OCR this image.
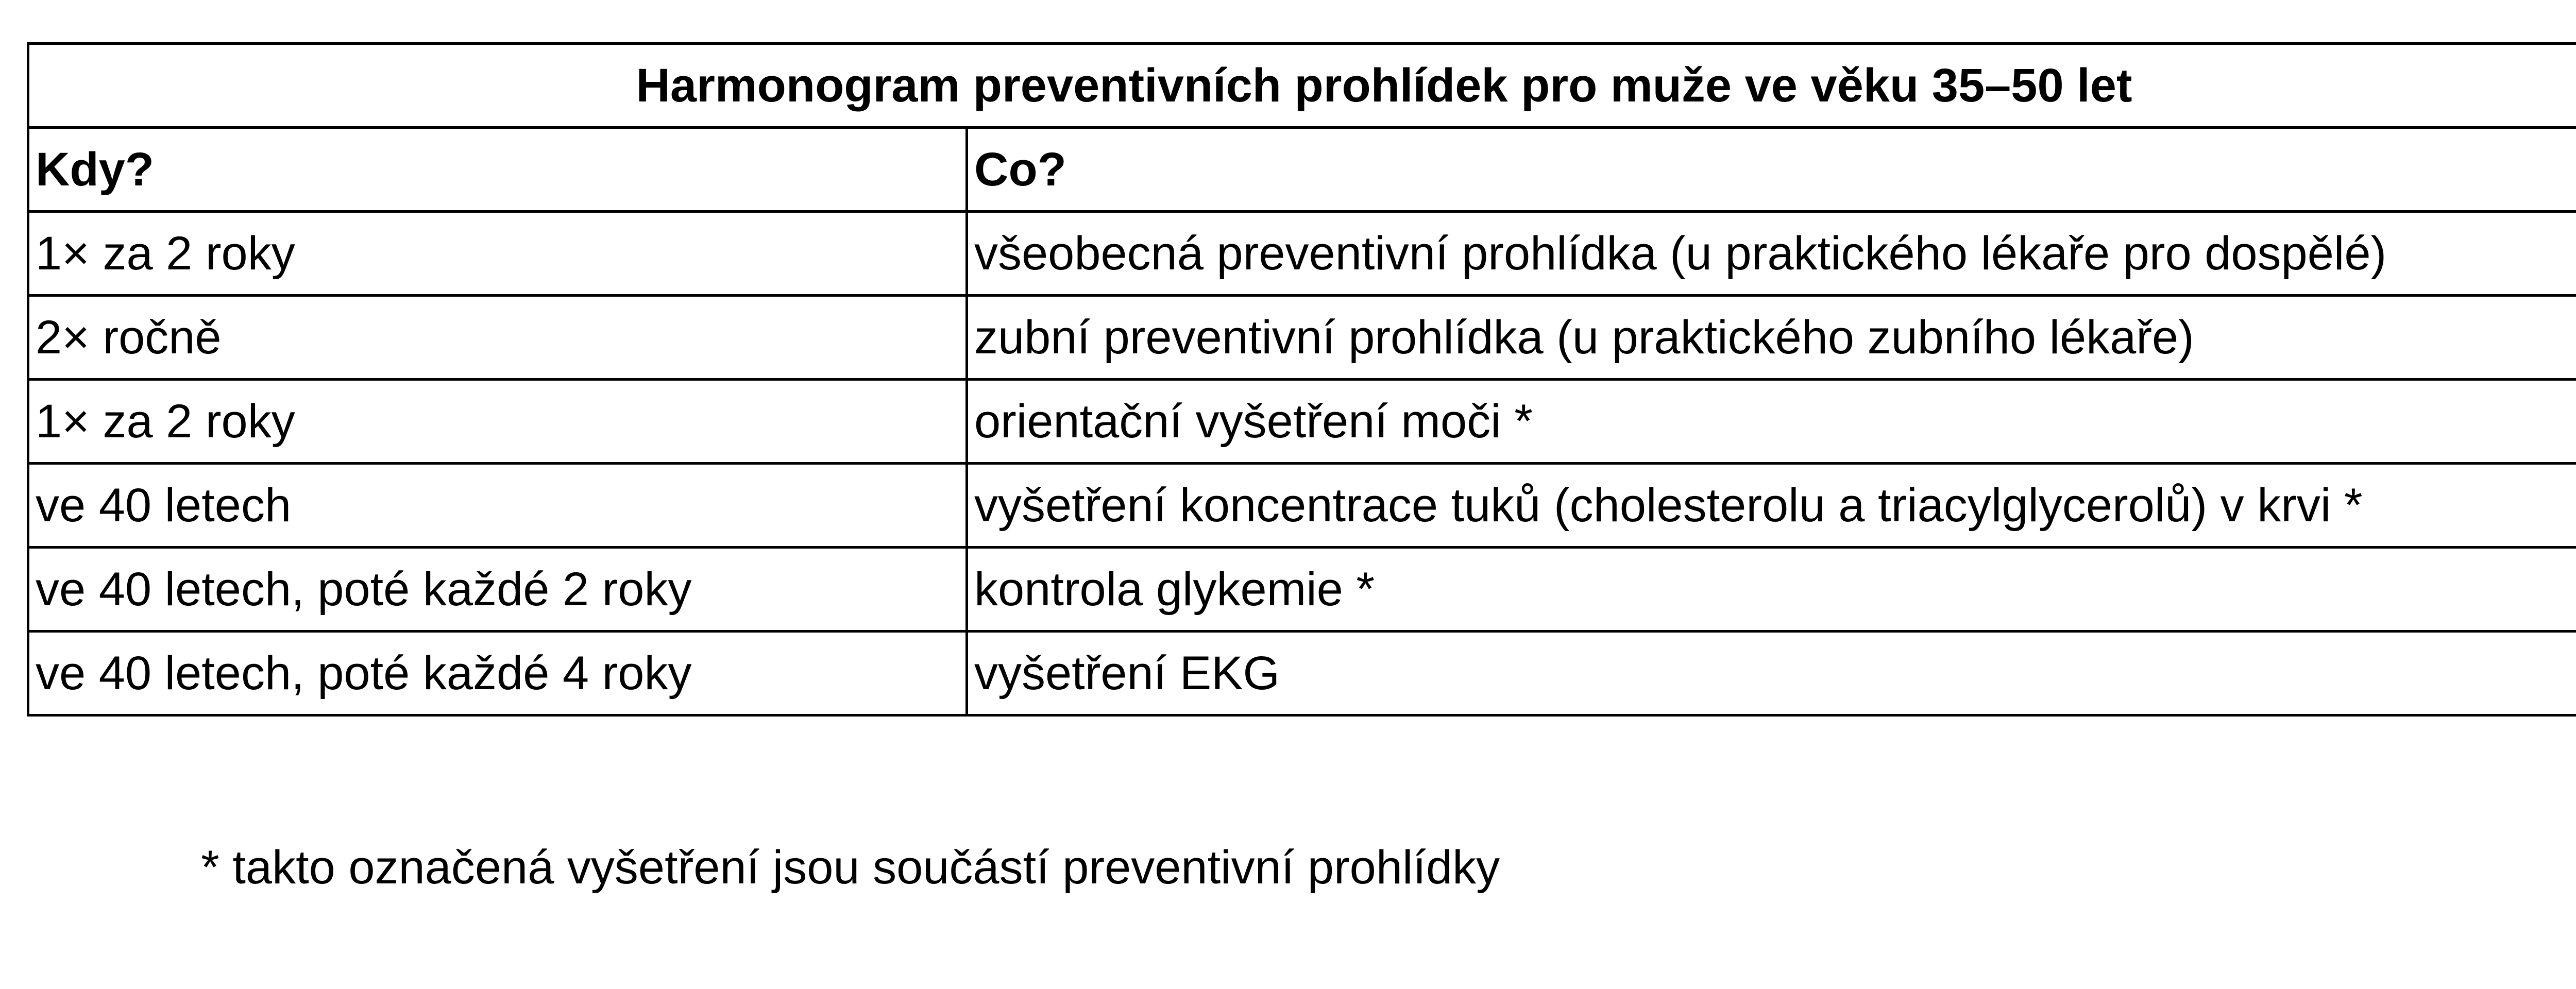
Harmonogram preventivních prohlídek pro muže ve věku 35–50 let	
Kdy?	Co?
1× za 2 roky	všeobecná preventivní prohlídka (u praktického lékaře pro dospělé)
2× ročně	zubní preventivní prohlídka (u praktického zubního lékaře)
1× za 2 roky	orientační vyšetření moči *
ve 40 letech	vyšetření koncentrace tuků (cholesterolu a triacylglycerolů) v krvi *
ve 40 letech, poté každé 2 roky	kontrola glykemie *
ve 40 letech, poté každé 4 roky	vyšetření EKG
* takto označená vyšetření jsou součástí preventivní prohlídky
